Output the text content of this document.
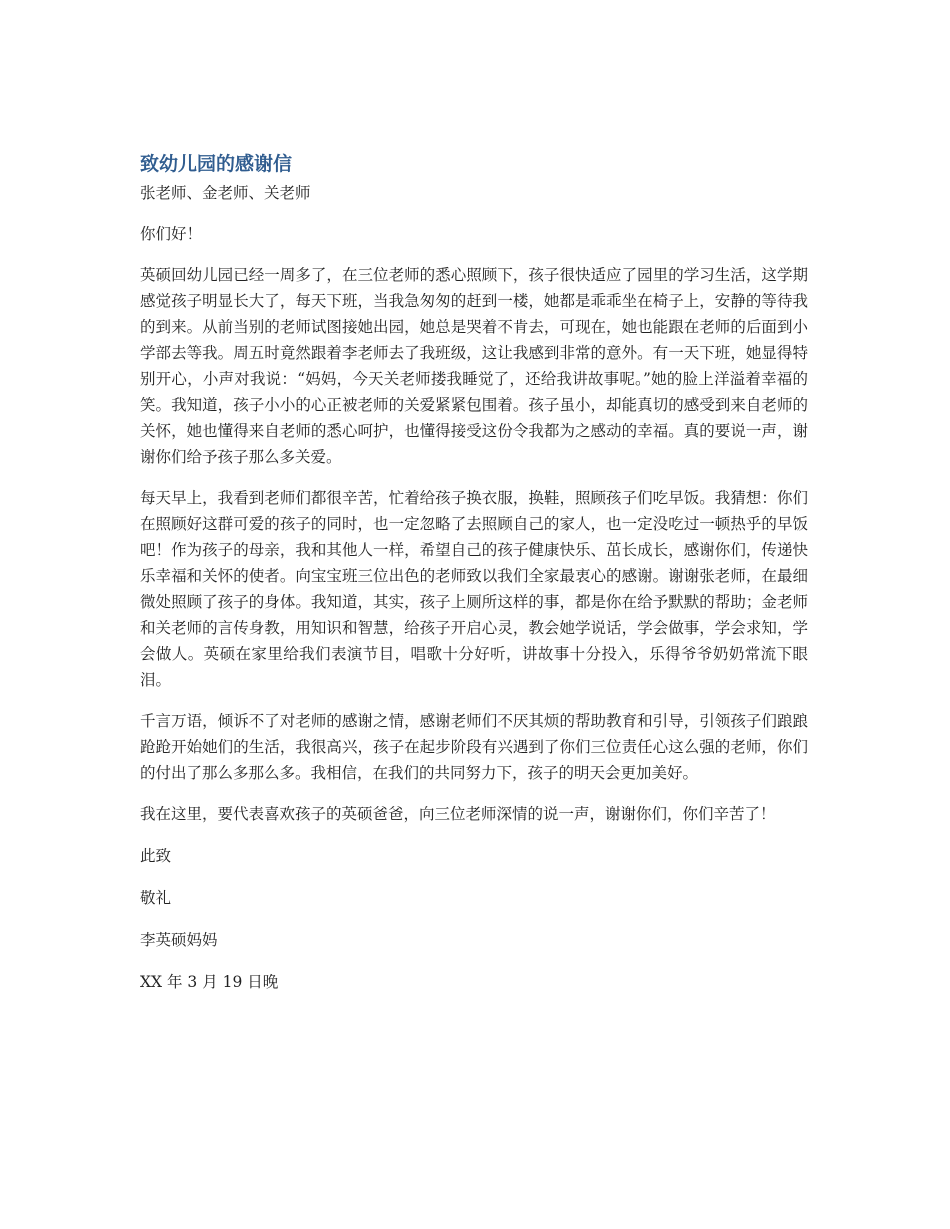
致幼儿园的感谢信

张老师、金老师、关老师

你们好！

英硕回幼儿园已经一周多了，在三位老师的悉心照顾下，孩子很快适应了园里的学习生活，这学期感觉孩子明显长大了，每天下班，当我急匆匆的赶到一楼，她都是乖乖坐在椅子上，安静的等待我的到来。从前当别的老师试图接她出园，她总是哭着不肯去，可现在，她也能跟在老师的后面到小学部去等我。周五时竟然跟着李老师去了我班级，这让我感到非常的意外。有一天下班，她显得特别开心，小声对我说：“妈妈，今天关老师搂我睡觉了，还给我讲故事呢。”她的脸上洋溢着幸福的笑。我知道，孩子小小的心正被老师的关爱紧紧包围着。孩子虽小，却能真切的感受到来自老师的关怀，她也懂得来自老师的悉心呵护，也懂得接受这份令我都为之感动的幸福。真的要说一声，谢谢你们给予孩子那么多关爱。

每天早上，我看到老师们都很辛苦，忙着给孩子换衣服，换鞋，照顾孩子们吃早饭。我猜想：你们在照顾好这群可爱的孩子的同时，也一定忽略了去照顾自己的家人，也一定没吃过一顿热乎的早饭吧！作为孩子的母亲，我和其他人一样，希望自己的孩子健康快乐、茁长成长，感谢你们，传递快乐幸福和关怀的使者。向宝宝班三位出色的老师致以我们全家最衷心的感谢。谢谢张老师，在最细微处照顾了孩子的身体。我知道，其实，孩子上厕所这样的事，都是你在给予默默的帮助；金老师和关老师的言传身教，用知识和智慧，给孩子开启心灵，教会她学说话，学会做事，学会求知，学会做人。英硕在家里给我们表演节目，唱歌十分好听，讲故事十分投入，乐得爷爷奶奶常流下眼泪。

千言万语，倾诉不了对老师的感谢之情，感谢老师们不厌其烦的帮助教育和引导，引领孩子们踉踉跄跄开始她们的生活，我很高兴，孩子在起步阶段有兴遇到了你们三位责任心这么强的老师，你们的付出了那么多那么多。我相信，在我们的共同努力下，孩子的明天会更加美好。

我在这里，要代表喜欢孩子的英硕爸爸，向三位老师深情的说一声，谢谢你们，你们辛苦了！

此致

敬礼

李英硕妈妈

XX 年 3 月 19 日晚
